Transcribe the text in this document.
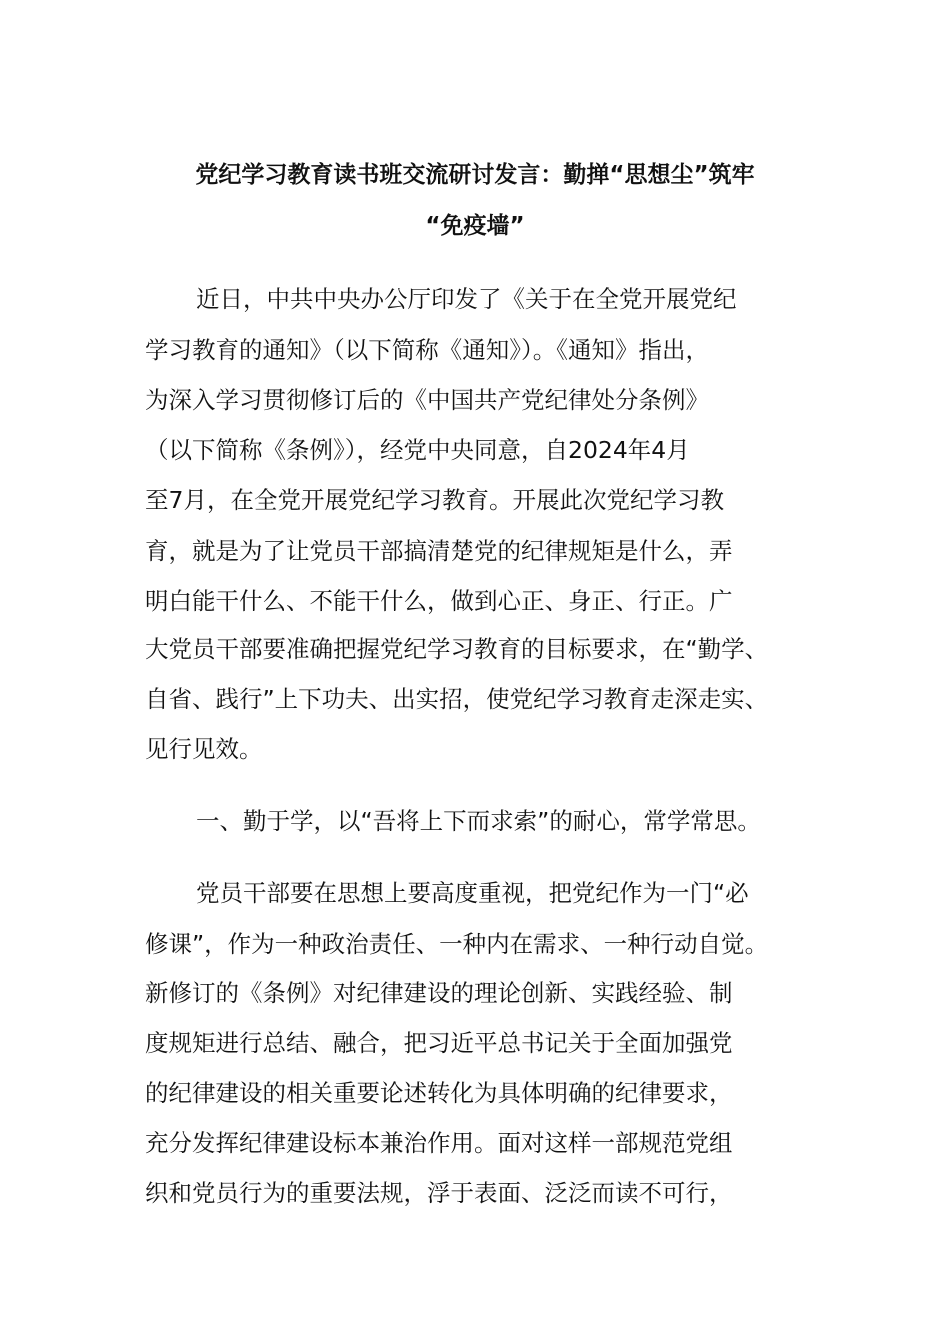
党纪学习教育读书班交流研讨发言：勤掸“思想尘”筑牢
“免疫墙”
近日，中共中央办公厅印发了《关于在全党开展党纪
学习教育的通知》（以下简称《通知》）。《通知》指出，
为深入学习贯彻修订后的《中国共产党纪律处分条例》
（以下简称《条例》），经党中央同意，自2024年4月
至7月，在全党开展党纪学习教育。开展此次党纪学习教
育，就是为了让党员干部搞清楚党的纪律规矩是什么，弄
明白能干什么、不能干什么，做到心正、身正、行正。广
大党员干部要准确把握党纪学习教育的目标要求，在“勤学、
自省、践行”上下功夫、出实招，使党纪学习教育走深走实、
见行见效。
一、勤于学，以“吾将上下而求索”的耐心，常学常思。
党员干部要在思想上要高度重视，把党纪作为一门“必
修课”，作为一种政治责任、一种内在需求、一种行动自觉。
新修订的《条例》对纪律建设的理论创新、实践经验、制
度规矩进行总结、融合，把习近平总书记关于全面加强党
的纪律建设的相关重要论述转化为具体明确的纪律要求，
充分发挥纪律建设标本兼治作用。面对这样一部规范党组
织和党员行为的重要法规，浮于表面、泛泛而读不可行，
